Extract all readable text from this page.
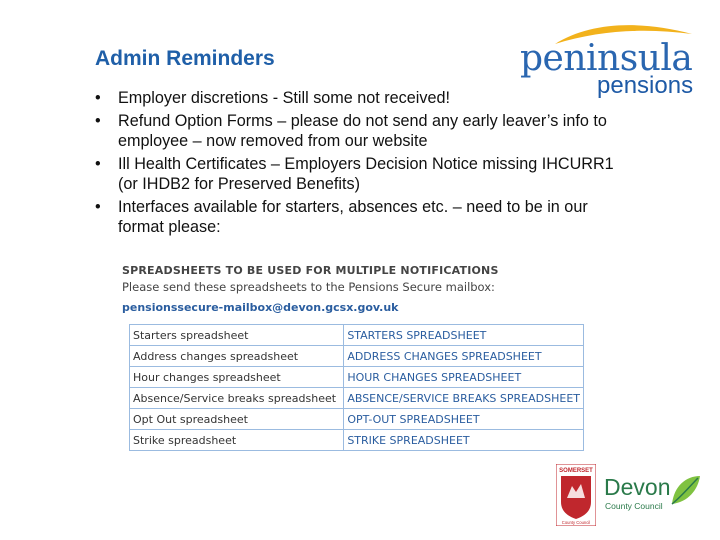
Admin Reminders	peninsula
pensions
• Employer discretions - Still some not received!
• Refund Option Forms – please do not send any early leaver’s info to employee – now removed from our website
• Ill Health Certificates – Employers Decision Notice missing IHCURR1 (or IHDB2 for Preserved Benefits)
• Interfaces available for starters, absences etc. – need to be in our format please:
SPREADSHEETS TO BE USED FOR MULTIPLE NOTIFICATIONS
Please send these spreadsheets to the Pensions Secure mailbox:
pensionssecure-mailbox@devon.gcsx.gov.uk
Starters spreadsheet	STARTERS SPREADSHEET
Address changes spreadsheet	ADDRESS CHANGES SPREADSHEET
Hour changes spreadsheet	HOUR CHANGES SPREADSHEET
Absence/Service breaks spreadsheet	ABSENCE/SERVICE BREAKS SPREADSHEET
Opt Out spreadsheet	OPT-OUT SPREADSHEET
Strike spreadsheet	STRIKE SPREADSHEET
SOMERSET
County Council
Devon
County Council
